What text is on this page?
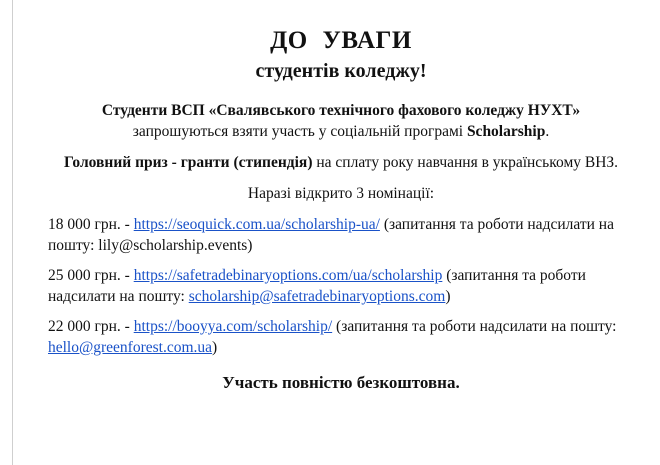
ДО УВАГИ
студентів коледжу!
Студенти ВСП «Свалявського технічного фахового коледжу НУХТ»
запрошуються взяти участь у соціальній програмі Scholarship.
Головний приз - гранти (стипендія) на сплату року навчання в українському ВНЗ.
Наразі відкрито 3 номінації:
18 000 грн. - https://seoquick.com.ua/scholarship-ua/ (запитання та роботи надсилати на пошту: lily@scholarship.events)
25 000 грн. - https://safetradebinaryoptions.com/ua/scholarship (запитання та роботи надсилати на пошту: scholarship@safetradebinaryoptions.com)
22 000 грн. - https://booyya.com/scholarship/ (запитання та роботи надсилати на пошту: hello@greenforest.com.ua)
Участь повністю безкоштовна.
